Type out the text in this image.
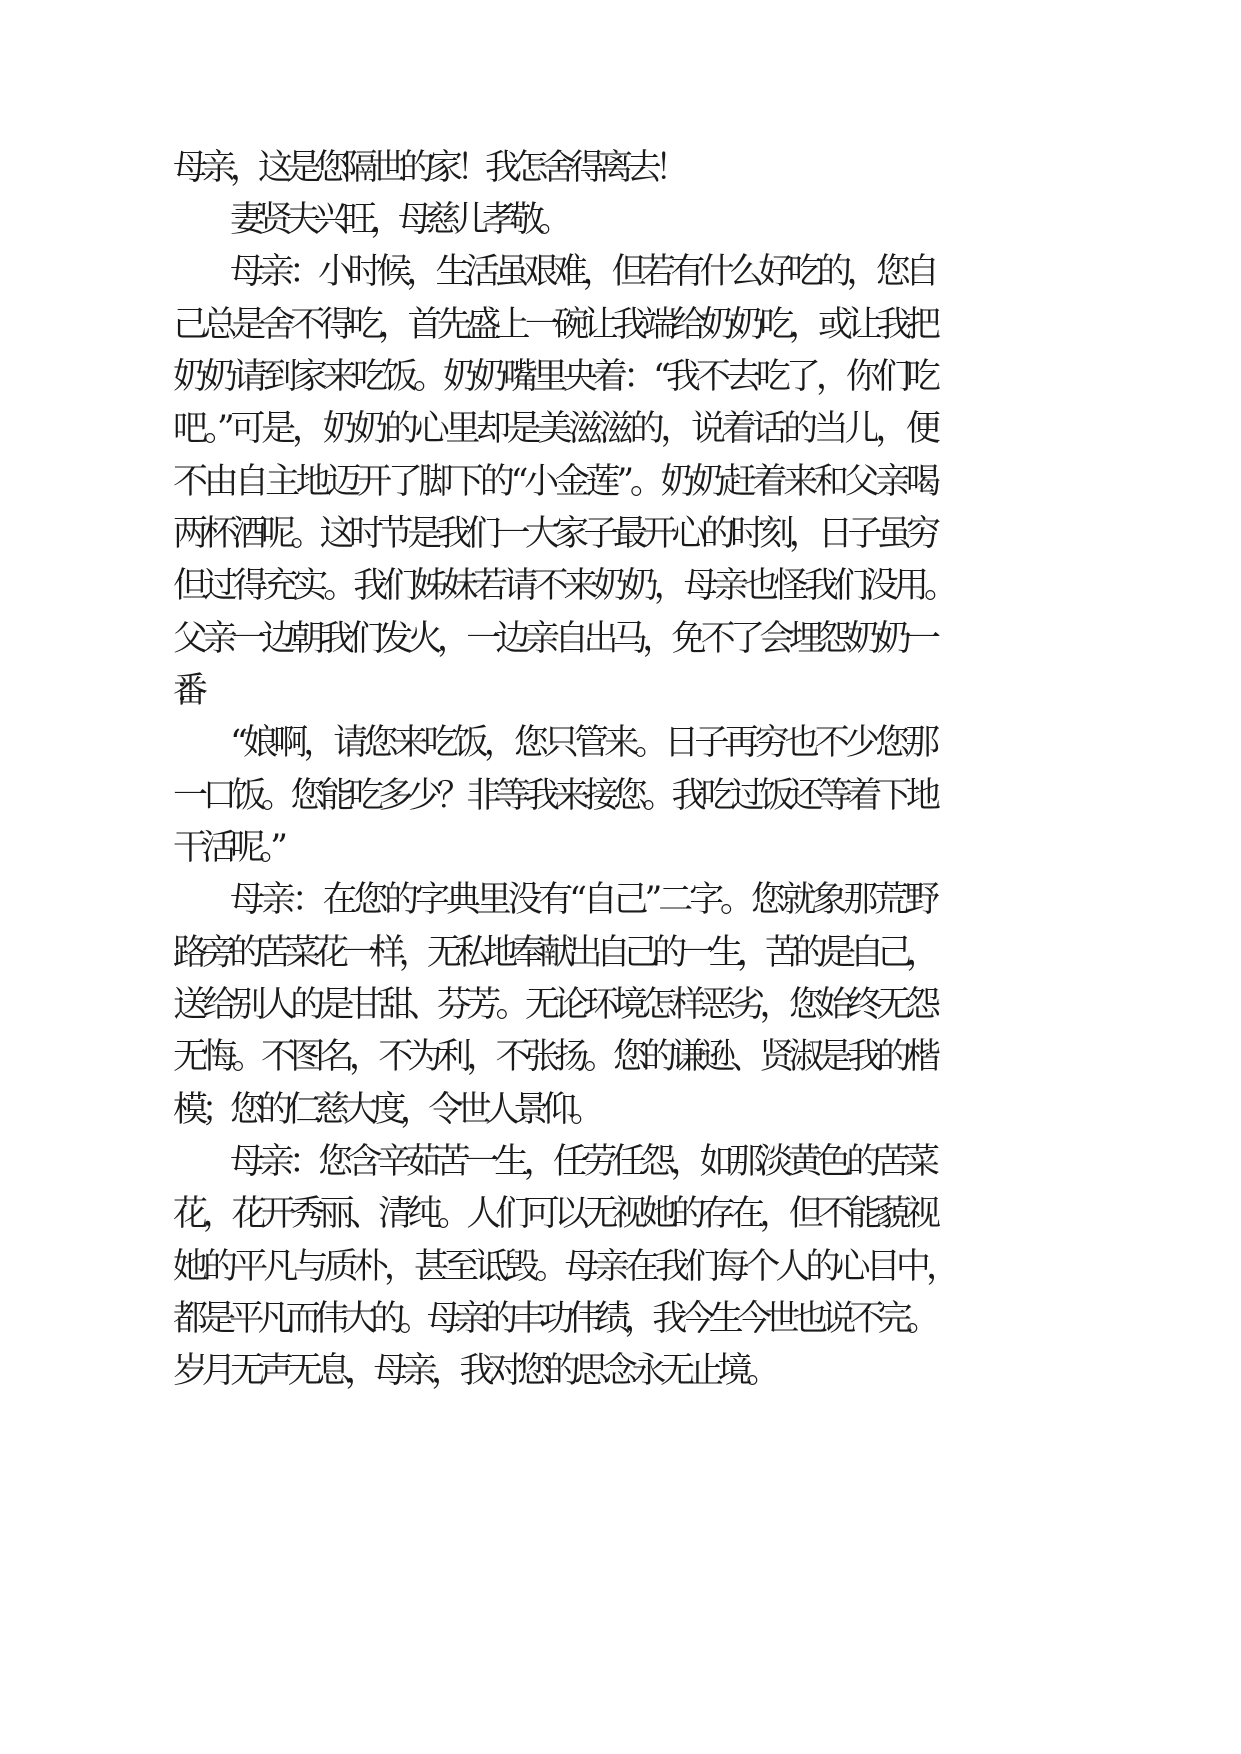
母亲，这是您隔世的家！我怎舍得离去！
妻贤夫兴旺，母慈儿孝敬。
母亲：小时候，生活虽艰难，但若有什么好吃的，您自
己总是舍不得吃，首先盛上一碗让我端给奶奶吃，或让我把
奶奶请到家来吃饭。奶奶嘴里央着：“我不去吃了，你们吃
吧。”可是，奶奶的心里却是美滋滋的，说着话的当儿，便
不由自主地迈开了脚下的“小金莲”。奶奶赶着来和父亲喝
两杯酒呢。这时节是我们一大家子最开心的时刻，日子虽穷
但过得充实。我们姊妹若请不来奶奶，母亲也怪我们没用。
父亲一边朝我们发火，一边亲自出马，免不了会埋怨奶奶一
番：
“娘啊，请您来吃饭，您只管来。日子再穷也不少您那
一口饭。您能吃多少？非等我来接您。我吃过饭还等着下地
干活呢。”
母亲：在您的字典里没有“自己”二字。您就象那荒野
路旁的苦菜花一样，无私地奉献出自己的一生，苦的是自己，
送给别人的是甘甜、芬芳。无论环境怎样恶劣，您始终无怨
无悔。不图名，不为利，不张扬。您的谦逊、贤淑是我的楷
模；您的仁慈大度，令世人景仰。
母亲：您含辛茹苦一生，任劳任怨，如那淡黄色的苦菜
花，花开秀丽、清纯。人们可以无视她的存在，但不能藐视
她的平凡与质朴，甚至诋毁。母亲在我们每个人的心目中，
都是平凡而伟大的。母亲的丰功伟绩，我今生今世也说不完。
岁月无声无息，母亲，我对您的思念永无止境。
